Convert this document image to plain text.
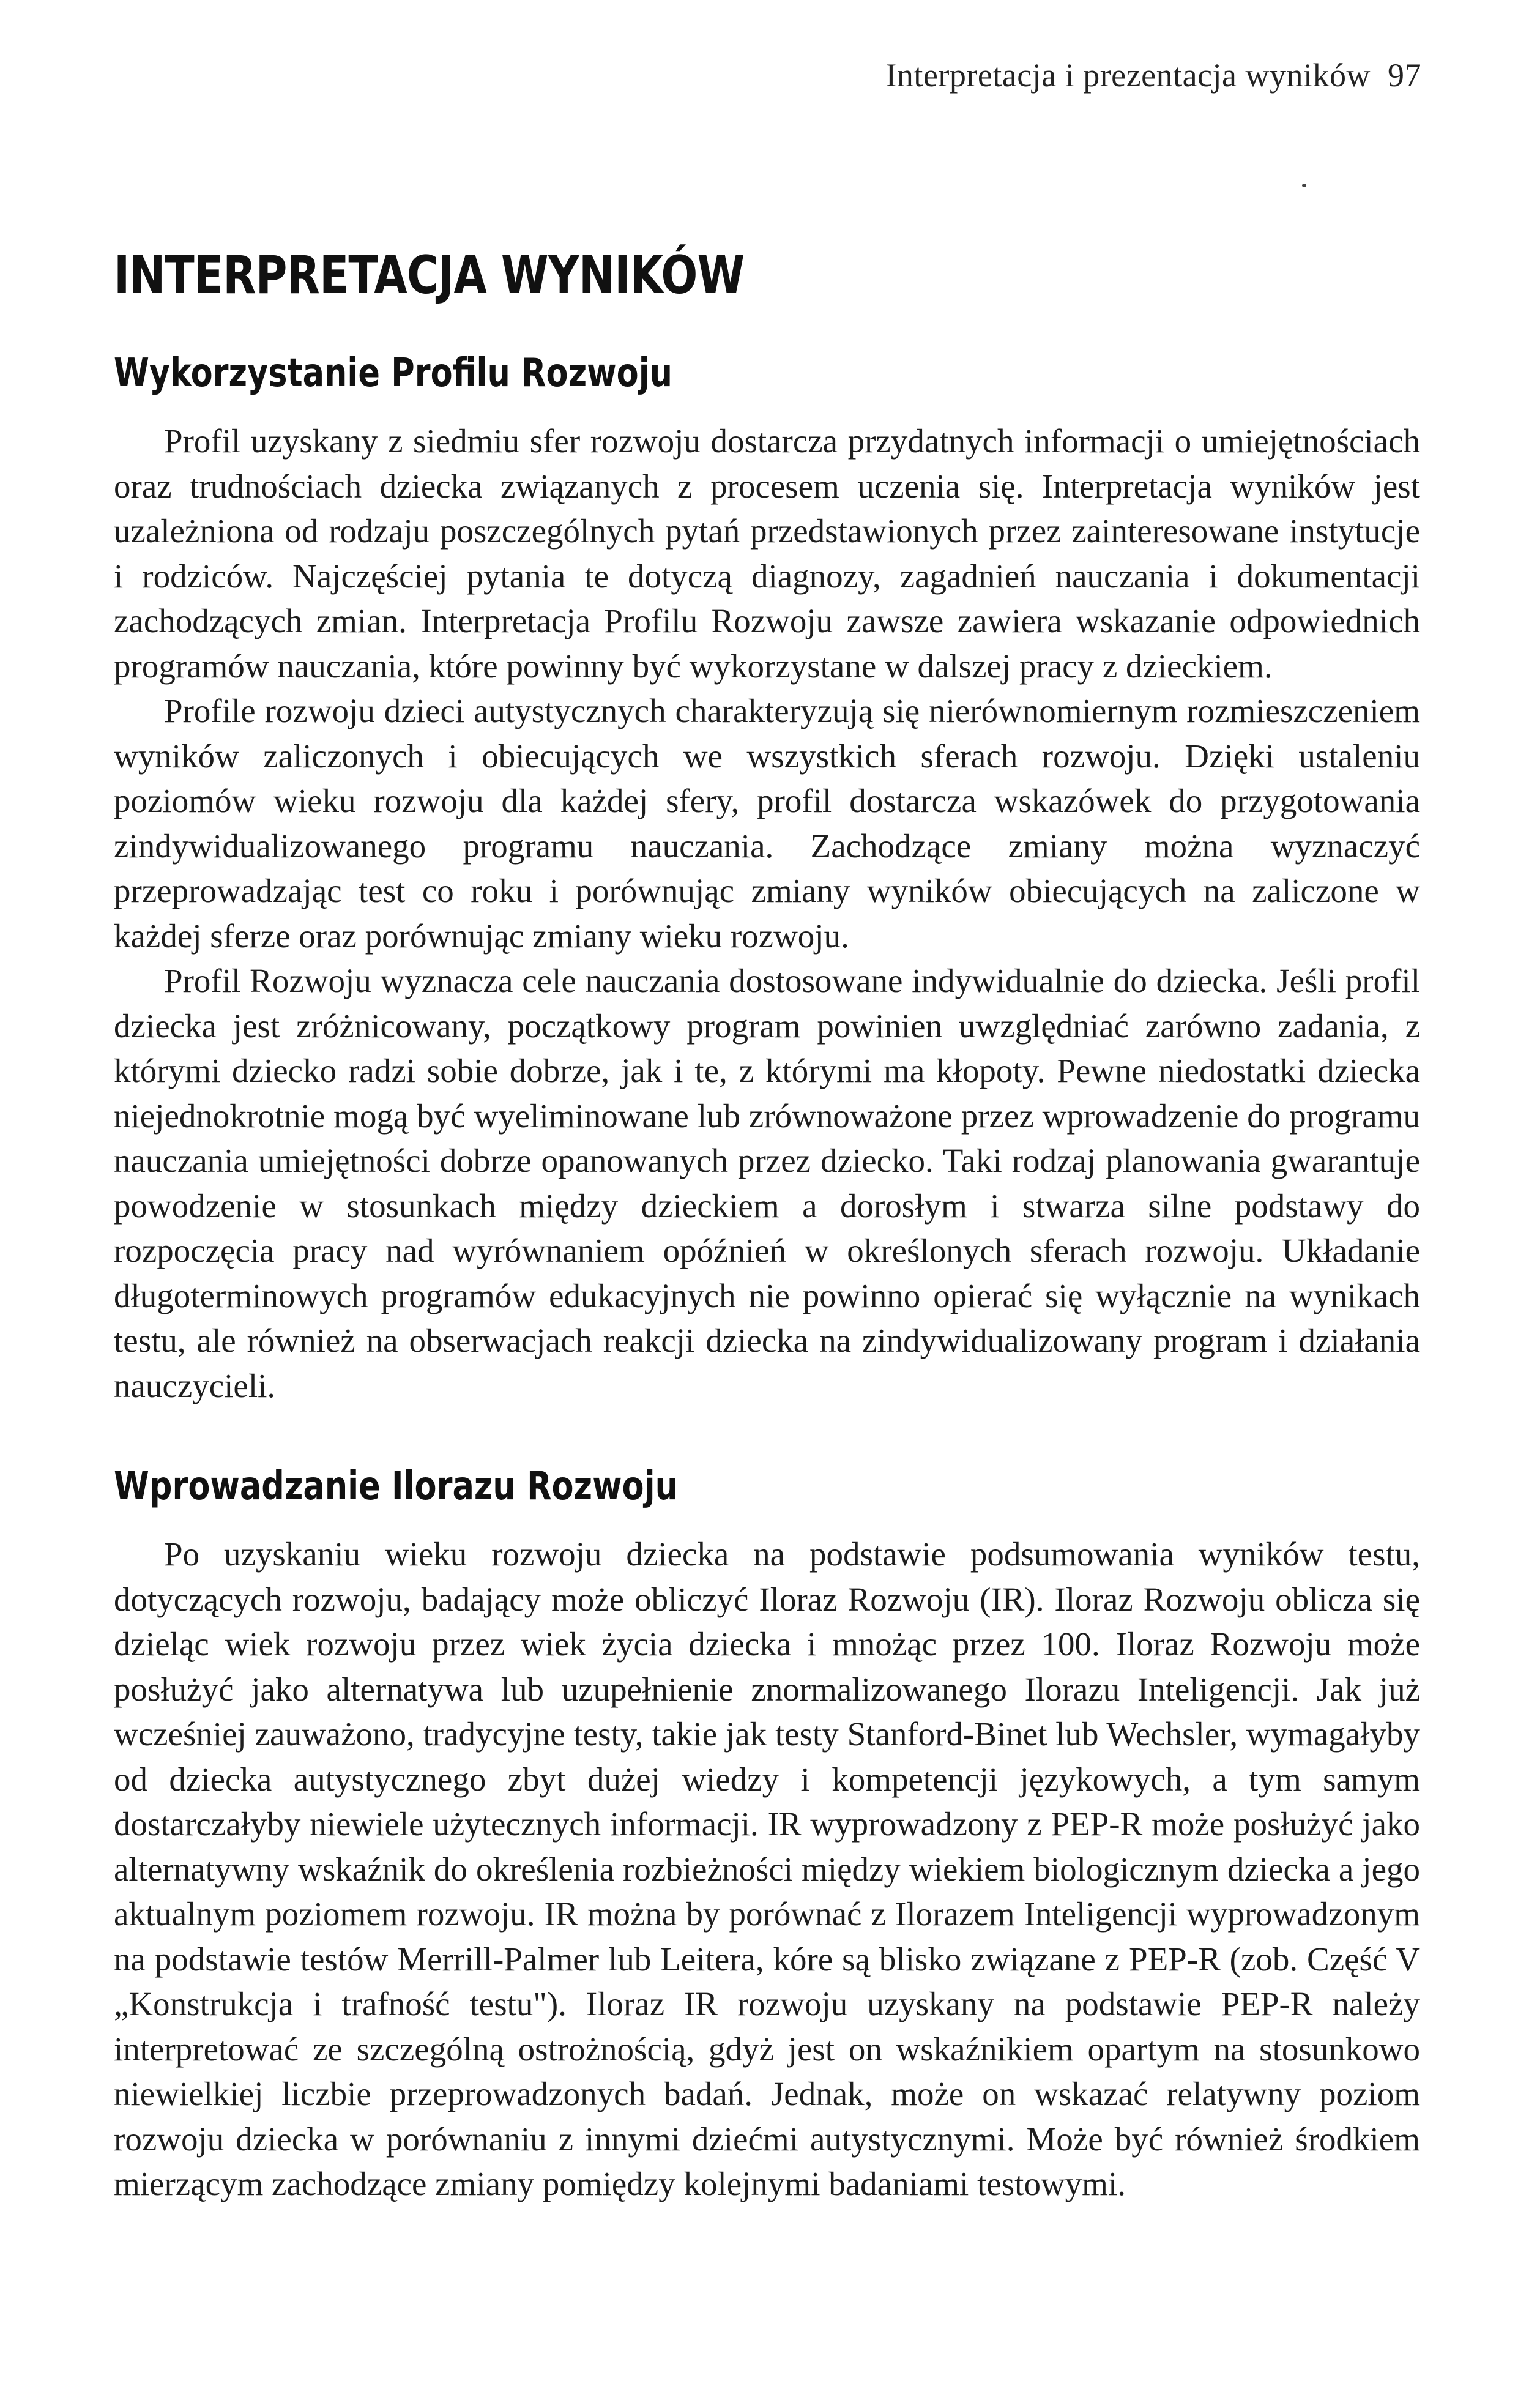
Interpretacja i prezentacja wyników 97
INTERPRETACJA WYNIKÓW
Wykorzystanie Profilu Rozwoju

Profil uzyskany z siedmiu sfer rozwoju dostarcza przydatnych informacji o umiejętnościach oraz trudnościach dziecka związanych z procesem uczenia się. Interpretacja wyników jest uzależniona od rodzaju poszczególnych pytań przedstawionych przez zainteresowane instytucje i rodziców. Najczęściej pytania te dotyczą diagnozy, zagadnień nauczania i dokumentacji zachodzących zmian. Interpretacja Profilu Rozwoju zawsze zawiera wskazanie odpowiednich programów nauczania, które powinny być wykorzystane w dalszej pracy z dzieckiem.

Profile rozwoju dzieci autystycznych charakteryzują się nierównomiernym rozmieszczeniem wyników zaliczonych i obiecujących we wszystkich sferach rozwoju. Dzięki ustaleniu poziomów wieku rozwoju dla każdej sfery, profil dostarcza wskazówek do przygotowania zindywidualizowanego programu nauczania. Zachodzące zmiany można wyznaczyć przeprowadzając test co roku i porównując zmiany wyników obiecujących na zaliczone w każdej sferze oraz porównując zmiany wieku rozwoju.

Profil Rozwoju wyznacza cele nauczania dostosowane indywidualnie do dziecka. Jeśli profil dziecka jest zróżnicowany, początkowy program powinien uwzględniać zarówno zadania, z którymi dziecko radzi sobie dobrze, jak i te, z którymi ma kłopoty. Pewne niedostatki dziecka niejednokrotnie mogą być wyeliminowane lub zrównoważone przez wprowadzenie do programu nauczania umiejętności dobrze opanowanych przez dziecko. Taki rodzaj planowania gwarantuje powodzenie w stosunkach między dzieckiem a dorosłym i stwarza silne podstawy do rozpoczęcia pracy nad wyrównaniem opóźnień w określonych sferach rozwoju. Układanie długoterminowych programów edukacyjnych nie powinno opierać się wyłącznie na wynikach testu, ale również na obserwacjach reakcji dziecka na zindywidualizowany program i działania nauczycieli.

Wprowadzanie Ilorazu Rozwoju

Po uzyskaniu wieku rozwoju dziecka na podstawie podsumowania wyników testu, dotyczących rozwoju, badający może obliczyć Iloraz Rozwoju (IR). Iloraz Rozwoju oblicza się dzieląc wiek rozwoju przez wiek życia dziecka i mnożąc przez 100. Iloraz Rozwoju może posłużyć jako alternatywa lub uzupełnienie znormalizowanego Ilorazu Inteligencji. Jak już wcześniej zauważono, tradycyjne testy, takie jak testy Stanford-Binet lub Wechsler, wymagałyby od dziecka autystycznego zbyt dużej wiedzy i kompetencji językowych, a tym samym dostarczałyby niewiele użytecznych informacji. IR wyprowadzony z PEP-R może posłużyć jako alternatywny wskaźnik do określenia rozbieżności między wiekiem biologicznym dziecka a jego aktualnym poziomem rozwoju. IR można by porównać z Ilorazem Inteligencji wyprowadzonym na podstawie testów Merrill-Palmer lub Leitera, kóre są blisko związane z PEP-R (zob. Część V „Konstrukcja i trafność testu"). Iloraz IR rozwoju uzyskany na podstawie PEP-R należy interpretować ze szczególną ostrożnością, gdyż jest on wskaźnikiem opartym na stosunkowo niewielkiej liczbie przeprowadzonych badań. Jednak, może on wskazać relatywny poziom rozwoju dziecka w porównaniu z innymi dziećmi autystycznymi. Może być również środkiem mierzącym zachodzące zmiany pomiędzy kolejnymi badaniami testowymi.
